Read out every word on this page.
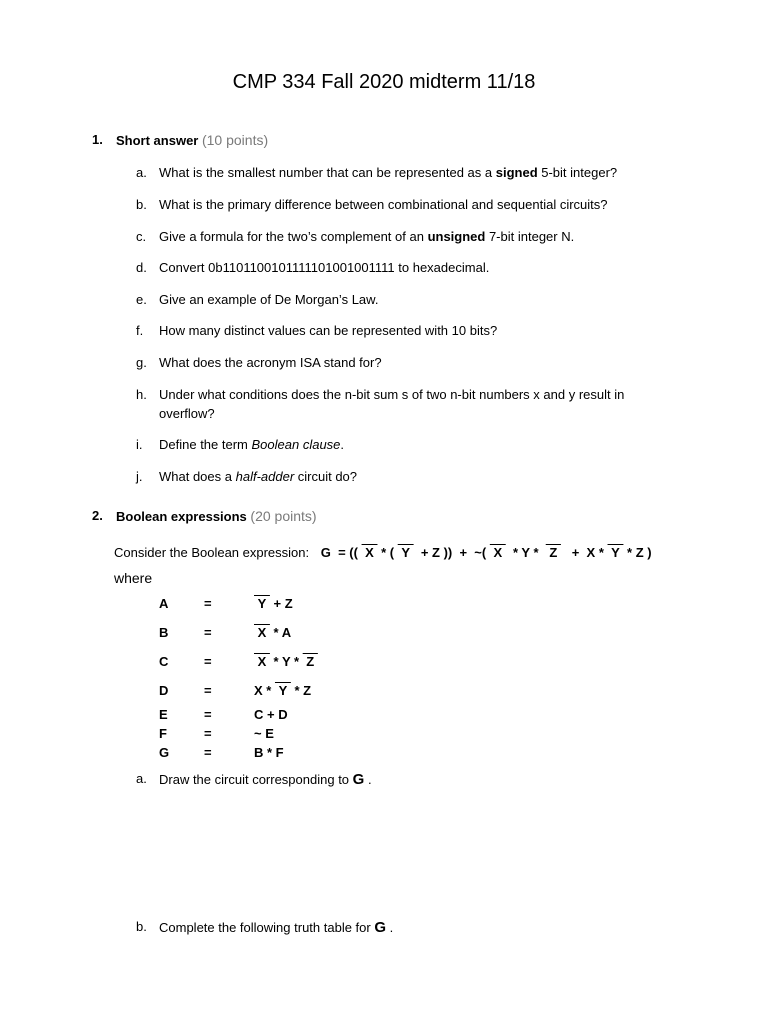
CMP 334 Fall 2020 midterm 11/18
1. Short answer (10 points)
a. What is the smallest number that can be represented as a signed 5-bit integer?
b. What is the primary difference between combinational and sequential circuits?
c. Give a formula for the two’s complement of an unsigned 7-bit integer N.
d. Convert 0b1101100101111101001001111 to hexadecimal.
e. Give an example of De Morgan’s Law.
f. How many distinct values can be represented with 10 bits?
g. What does the acronym ISA stand for?
h. Under what conditions does the n-bit sum s of two n-bit numbers x and y result in
overflow?
i. Define the term Boolean clause.
j. What does a half-adder circuit do?
2. Boolean expressions (20 points)
Consider the Boolean expression: G  = ((  X  * (  Y   + Z ))  +  ~(  X   * Y *   Z    +  X *  Y  * Z )
where
A	=	Y  + Z
B	=	X  * A
C	=	X  * Y *  Z
D	=	X *  Y  * Z
E	=	C + D
F	=	~ E
G	=	B * F
a. Draw the circuit corresponding to G .
b. Complete the following truth table for G .
